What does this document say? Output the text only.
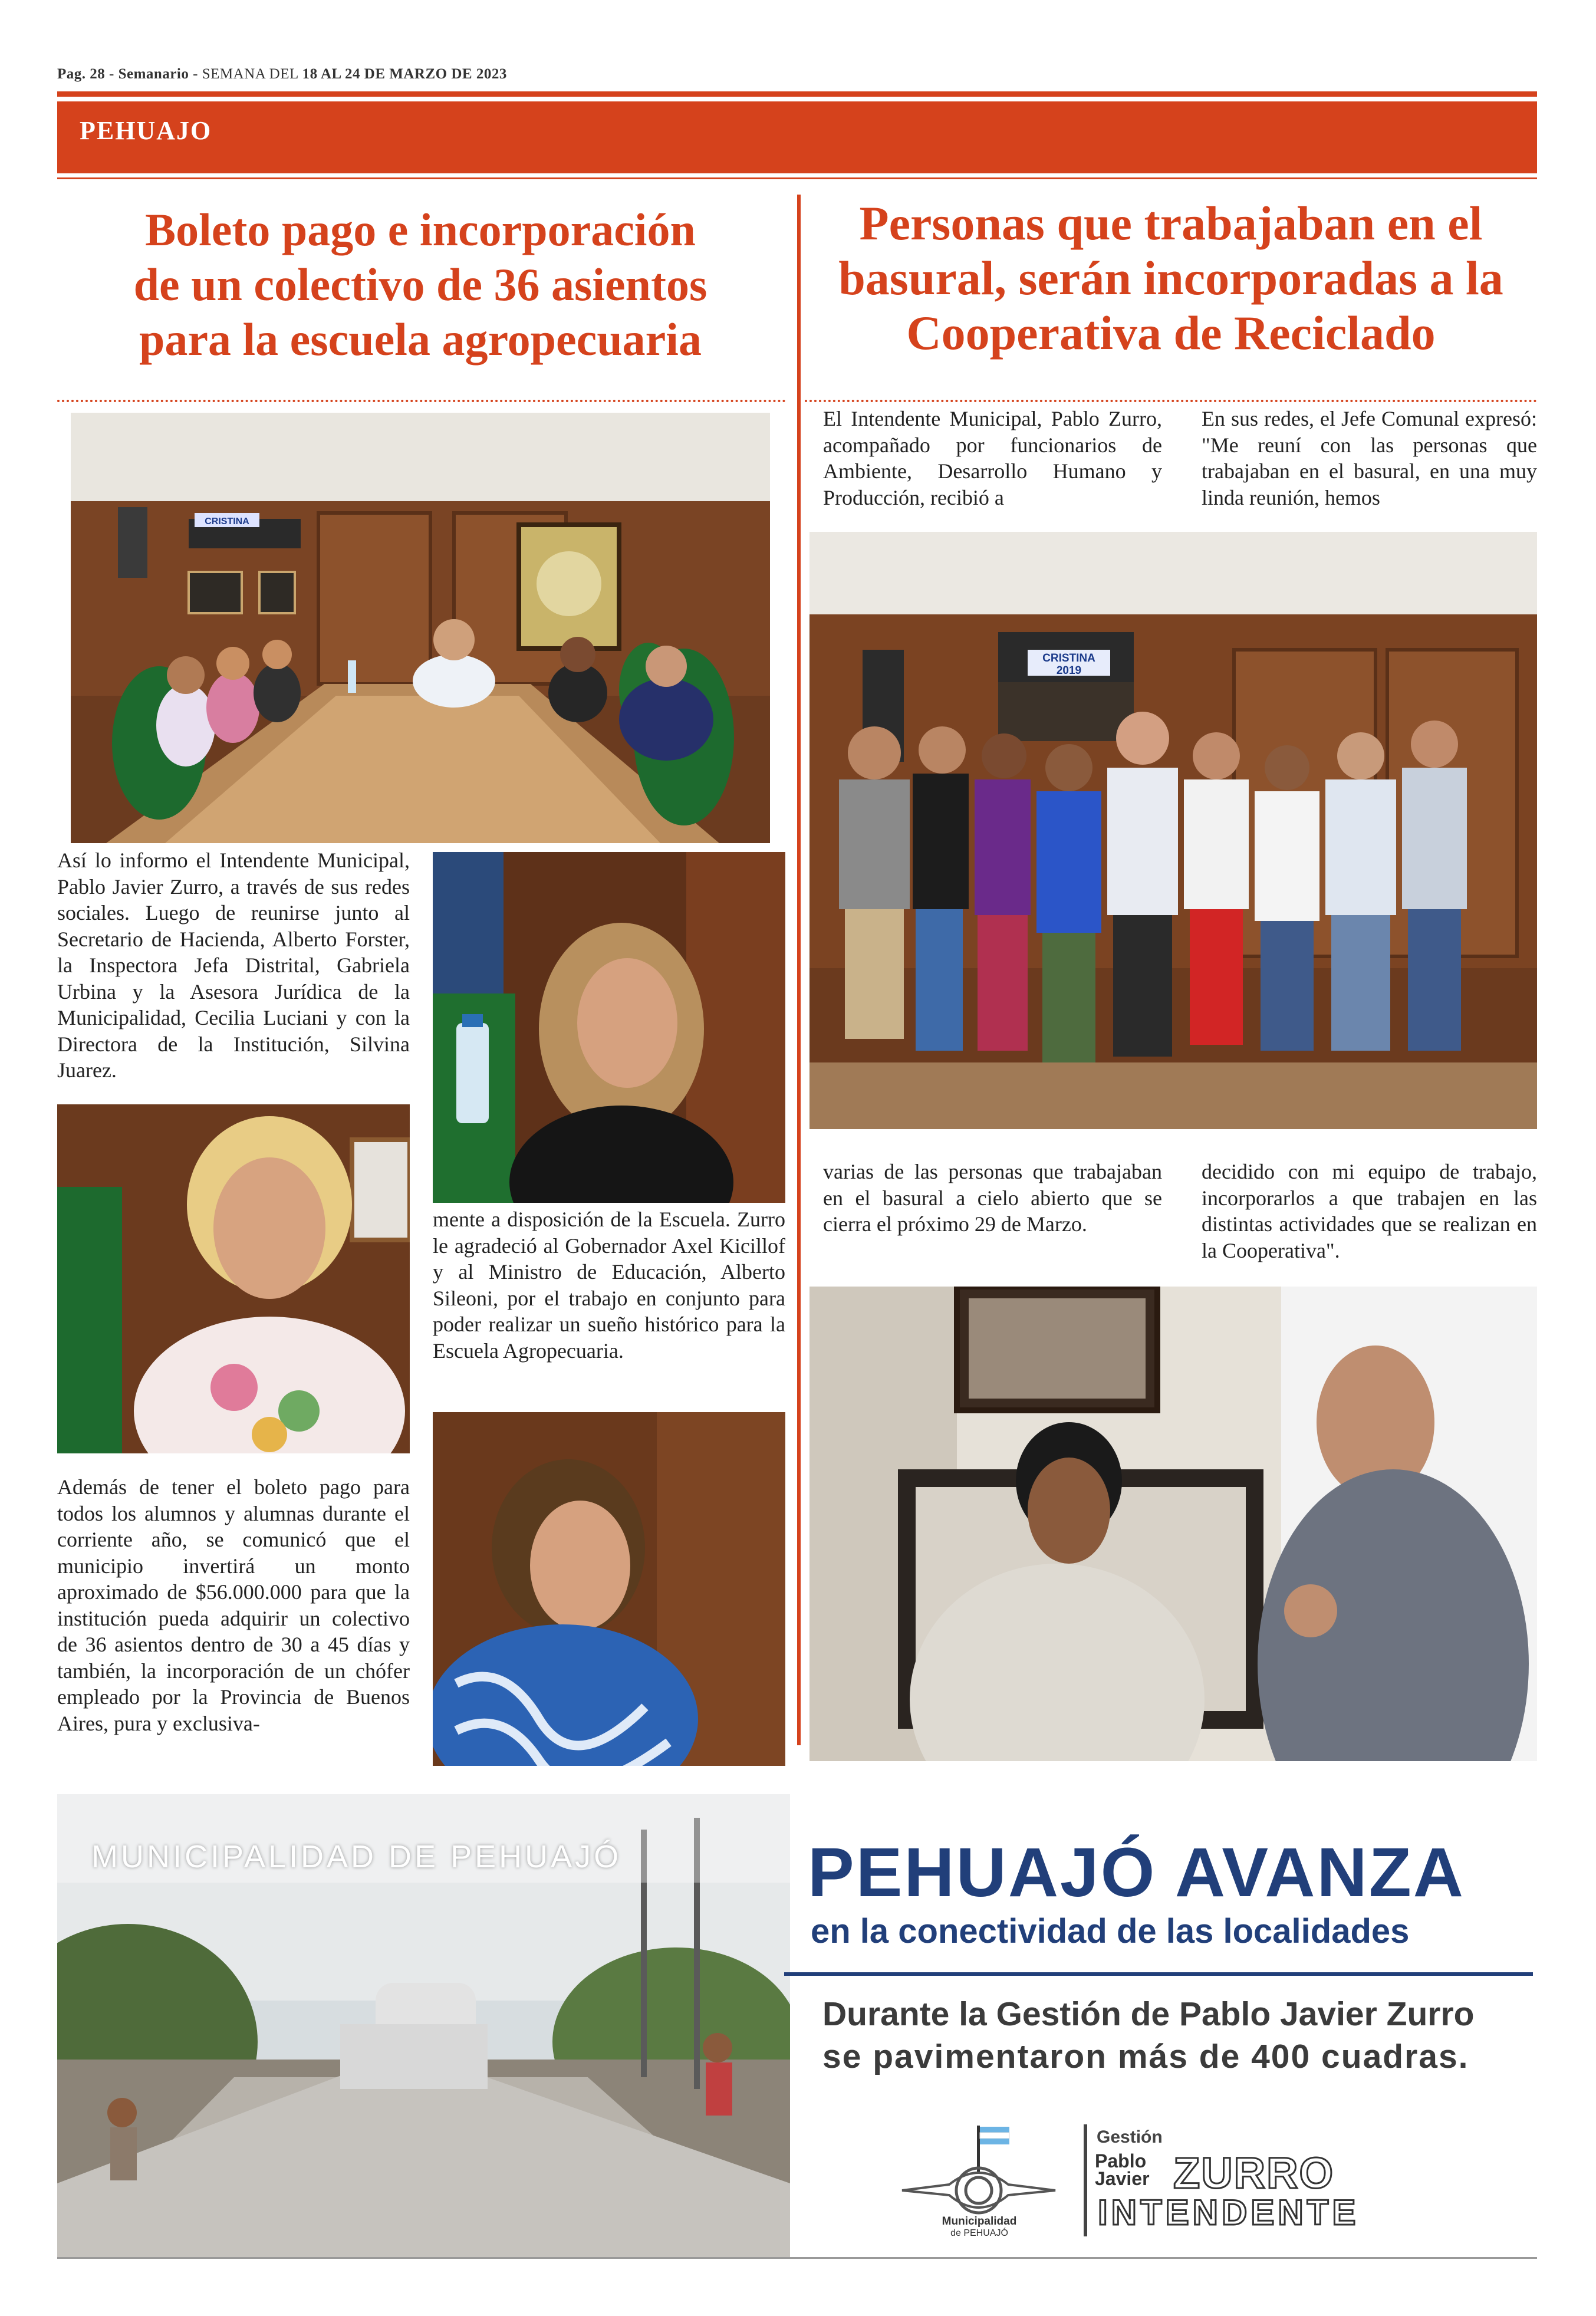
Pag. 28 - Semanario - SEMANA DEL 18 AL 24 DE MARZO DE 2023
PEHUAJO
Boleto pago e incorporación
de un colectivo de 36 asientos
para la escuela agropecuaria
Personas que trabajaban en el
basural, serán incorporadas a la
Cooperativa de Reciclado
CRISTINA
Así lo informo el Intendente Municipal, Pablo Javier Zurro, a través de sus redes sociales. Luego de reunirse junto al Secretario de Hacienda, Alberto Forster, la Inspectora Jefa Distrital, Gabriela Urbina y la Asesora Jurídica de la Municipalidad, Cecilia Luciani y con la Directora de la Institución, Silvina Juarez.
mente a disposición de la Escuela. Zurro le agradeció al Gobernador Axel Kicillof y al Ministro de Educación, Alberto Sileoni, por el trabajo en conjunto para poder realizar un sueño histórico para la Escuela Agropecuaria.
Además de tener el boleto pago para todos los alumnos y alumnas durante el corriente año, se comunicó que el municipio invertirá un monto aproximado de $56.000.000 para que la institución pueda adquirir un colectivo de 36 asientos dentro de 30 a 45 días y también, la incorporación de un chófer empleado por la Provincia de Buenos Aires, pura y exclusiva-
El Intendente Municipal, Pablo Zurro, acompañado por funcionarios de Ambiente, Desarrollo Humano y Producción, recibió a
En sus redes, el Jefe Comunal expresó: "Me reuní con las personas que trabajaban en el basural, en una muy linda reunión, hemos
CRISTINA
2019
varias de las personas que trabajaban en el basural a cielo abierto que se cierra el próximo 29 de Marzo.
decidido con mi equipo de trabajo, incorporarlos a que trabajen en las distintas actividades que se realizan en la Cooperativa".
MUNICIPALIDAD DE PEHUAJÓ	PEHUAJÓ AVANZA
en la conectividad de las localidades
Durante la Gestión de Pablo Javier Zurro
se pavimentaron más de 400 cuadras.
Municipalidad
de PEHUAJÓ
Gestión
Pablo
Javier ZURRO
INTENDENTE
